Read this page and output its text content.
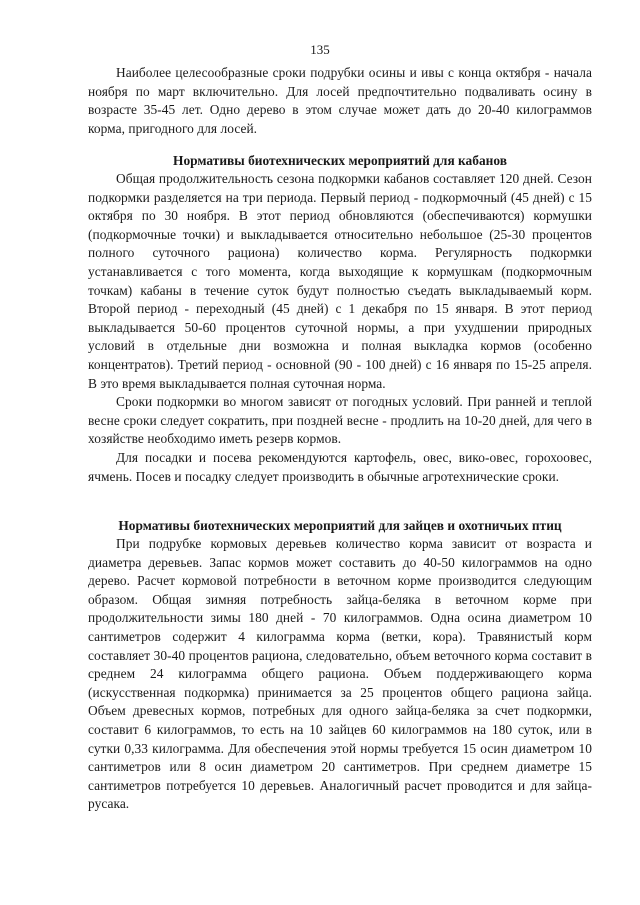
135

Наиболее целесообразные сроки подрубки осины и ивы с конца октября - начала ноября по март включительно. Для лосей предпочтительно подваливать осину в возрасте 35-45 лет. Одно дерево в этом случае может дать до 20-40 килограммов корма, пригодного для лосей.

Нормативы биотехнических мероприятий для кабанов

Общая продолжительность сезона подкормки кабанов составляет 120 дней. Сезон подкормки разделяется на три периода. Первый период - подкормочный (45 дней) с 15 октября по 30 ноября. В этот период обновляются (обеспечиваются) кормушки (подкормочные точки) и выкладывается относительно небольшое (25-30 процентов полного суточного рациона) количество корма. Регулярность подкормки устанавливается с того момента, когда выходящие к кормушкам (подкормочным точкам) кабаны в течение суток будут полностью съедать выкладываемый корм. Второй период - переходный (45 дней) с 1 декабря по 15 января. В этот период выкладывается 50-60 процентов суточной нормы, а при ухудшении природных условий в отдельные дни возможна и полная выкладка кормов (особенно концентратов). Третий период - основной (90 - 100 дней) с 16 января по 15-25 апреля. В это время выкладывается полная суточная норма.

Сроки подкормки во многом зависят от погодных условий. При ранней и теплой весне сроки следует сократить, при поздней весне - продлить на 10-20 дней, для чего в хозяйстве необходимо иметь резерв кормов.

Для посадки и посева рекомендуются картофель, овес, вико-овес, горохоовес, ячмень. Посев и посадку следует производить в обычные агротехнические сроки.

Нормативы биотехнических мероприятий для зайцев и охотничьих птиц

При подрубке кормовых деревьев количество корма зависит от возраста и диаметра деревьев. Запас кормов может составить до 40-50 килограммов на одно дерево. Расчет кормовой потребности в веточном корме производится следующим образом. Общая зимняя потребность зайца-беляка в веточном корме при продолжительности зимы 180 дней - 70 килограммов. Одна осина диаметром 10 сантиметров содержит 4 килограмма корма (ветки, кора). Травянистый корм составляет 30-40 процентов рациона, следовательно, объем веточного корма составит в среднем 24 килограмма общего рациона. Объем поддерживающего корма (искусственная подкормка) принимается за 25 процентов общего рациона зайца. Объем древесных кормов, потребных для одного зайца-беляка за счет подкормки, составит 6 килограммов, то есть на 10 зайцев 60 килограммов на 180 суток, или в сутки 0,33 килограмма. Для обеспечения этой нормы требуется 15 осин диаметром 10 сантиметров или 8 осин диаметром 20 сантиметров. При среднем диаметре 15 сантиметров потребуется 10 деревьев. Аналогичный расчет проводится и для зайца-русака.
